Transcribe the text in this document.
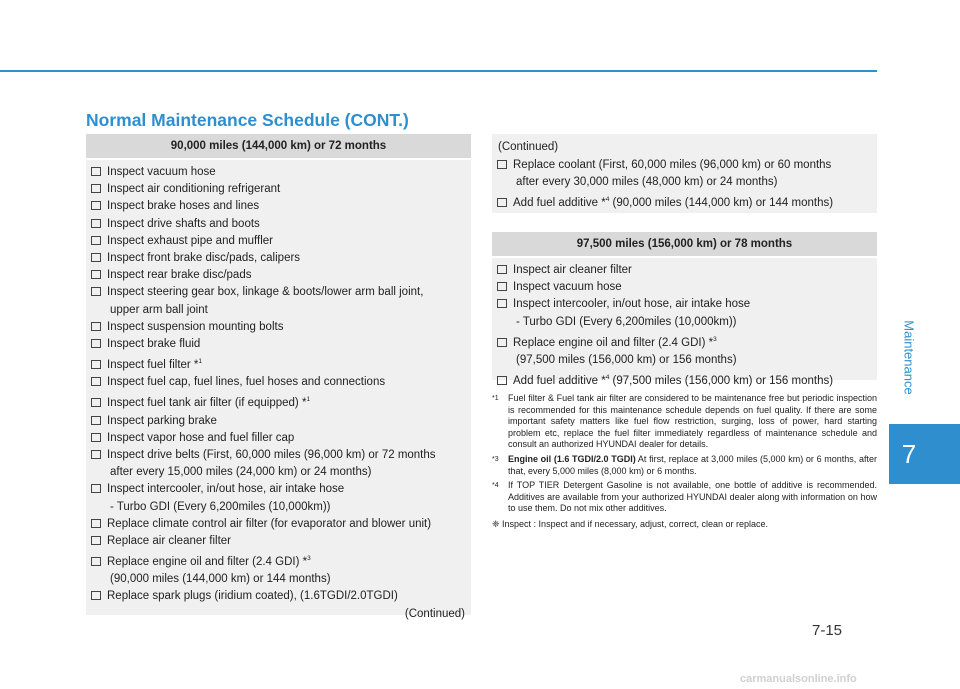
Normal Maintenance Schedule (CONT.)
90,000 miles (144,000 km) or 72 months
Inspect vacuum hose
Inspect air conditioning refrigerant
Inspect brake hoses and lines
Inspect drive shafts and boots
Inspect exhaust pipe and muffler
Inspect front brake disc/pads, calipers
Inspect rear brake disc/pads
Inspect steering gear box, linkage & boots/lower arm ball joint,
upper arm ball joint
Inspect suspension mounting bolts
Inspect brake fluid
Inspect fuel filter *$^1$
Inspect fuel cap, fuel lines, fuel hoses and connections
Inspect fuel tank air filter (if equipped) *$^1$
Inspect parking brake
Inspect vapor hose and fuel filler cap
Inspect drive belts (First, 60,000 miles (96,000 km) or 72 months
after every 15,000 miles (24,000 km) or 24 months)
Inspect intercooler, in/out hose, air intake hose
- Turbo GDI (Every 6,200miles (10,000km))
Replace climate control air filter (for evaporator and blower unit)
Replace air cleaner filter
Replace engine oil and filter (2.4 GDI) *$^3$
(90,000 miles (144,000 km) or 144 months)
Replace spark plugs (iridium coated), (1.6TGDI/2.0TGDI)
(Continued)
(Continued)
Replace coolant (First, 60,000 miles (96,000 km) or 60 months
after every 30,000 miles (48,000 km) or 24 months)
Add fuel additive *$^4$ (90,000 miles (144,000 km) or 144 months)
97,500 miles (156,000 km) or 78 months
Inspect air cleaner filter
Inspect vacuum hose
Inspect intercooler, in/out hose, air intake hose
- Turbo GDI (Every 6,200miles (10,000km))
Replace engine oil and filter (2.4 GDI) *$^3$
(97,500 miles (156,000 km) or 156 months)
Add fuel additive *$^4$ (97,500 miles (156,000 km) or 156 months)
*1 Fuel filter & Fuel tank air filter are considered to be maintenance free but periodic inspection is recommended for this maintenance schedule depends on fuel quality. If there are some important safety matters like fuel flow restriction, surging, loss of power, hard starting problem etc, replace the fuel filter immediately regardless of maintenance schedule and consult an authorized HYUNDAI dealer for details.
*3 Engine oil (1.6 TGDI/2.0 TGDI) At first, replace at 3,000 miles (5,000 km) or 6 months, after that, every 5,000 miles (8,000 km) or 6 months.
*4 If TOP TIER Detergent Gasoline is not available, one bottle of additive is recommended. Additives are available from your authorized HYUNDAI dealer along with information on how to use them. Do not mix other additives.
❈ Inspect : Inspect and if necessary, adjust, correct, clean or replace.
Maintenance
7
7-15
carmanualsonline.info
